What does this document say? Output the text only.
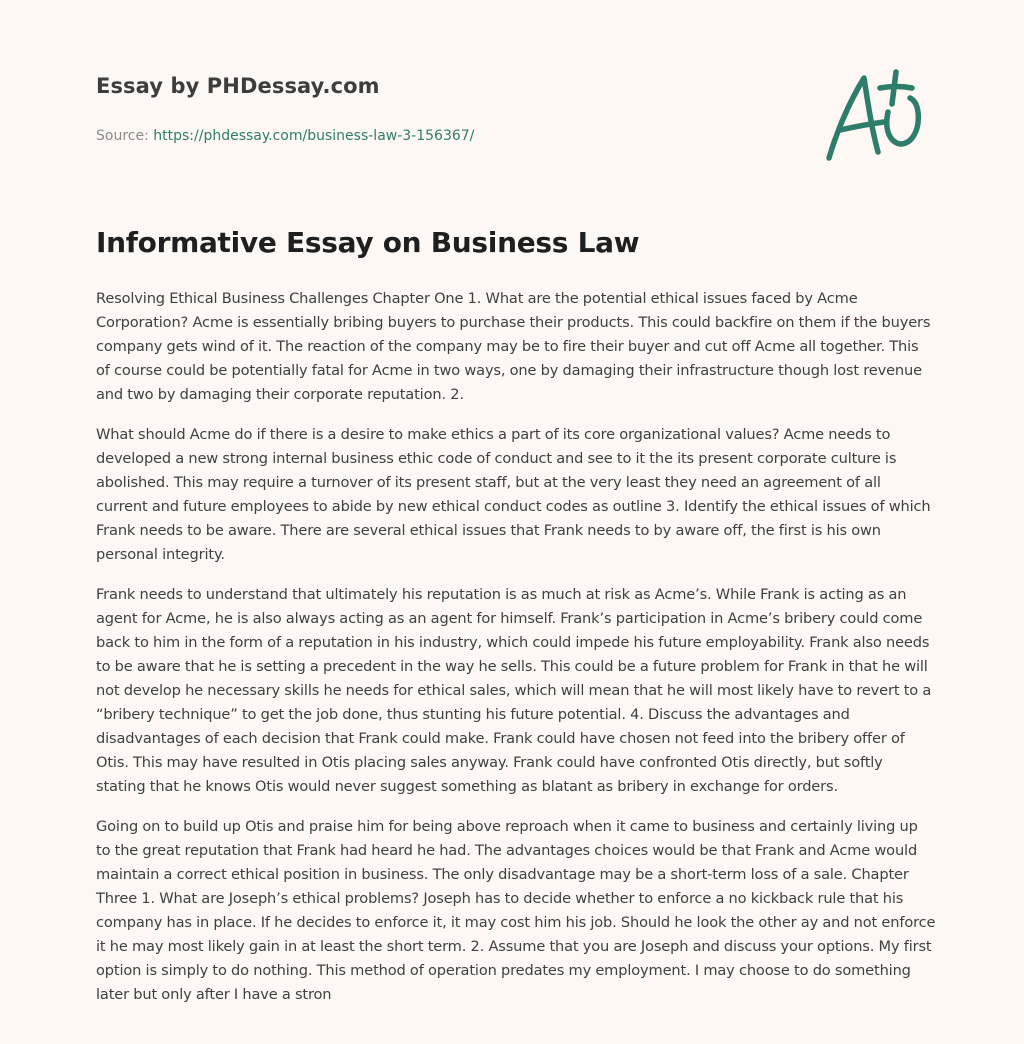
Essay by PHDessay.com
Source: https://phdessay.com/business-law-3-156367/
Informative Essay on Business Law

Resolving Ethical Business Challenges Chapter One 1. What are the potential ethical issues faced by Acme Corporation? Acme is essentially bribing buyers to purchase their products. This could backfire on them if the buyers company gets wind of it. The reaction of the company may be to fire their buyer and cut off Acme all together. This of course could be potentially fatal for Acme in two ways, one by damaging their infrastructure though lost revenue and two by damaging their corporate reputation. 2.

What should Acme do if there is a desire to make ethics a part of its core organizational values? Acme needs to developed a new strong internal business ethic code of conduct and see to it the its present corporate culture is abolished. This may require a turnover of its present staff, but at the very least they need an agreement of all current and future employees to abide by new ethical conduct codes as outline 3. Identify the ethical issues of which Frank needs to be aware. There are several ethical issues that Frank needs to by aware off, the first is his own personal integrity.

Frank needs to understand that ultimately his reputation is as much at risk as Acme’s. While Frank is acting as an agent for Acme, he is also always acting as an agent for himself. Frank’s participation in Acme’s bribery could come back to him in the form of a reputation in his industry, which could impede his future employability. Frank also needs to be aware that he is setting a precedent in the way he sells. This could be a future problem for Frank in that he will not develop he necessary skills he needs for ethical sales, which will mean that he will most likely have to revert to a “bribery technique” to get the job done, thus stunting his future potential. 4. Discuss the advantages and disadvantages of each decision that Frank could make. Frank could have chosen not feed into the bribery offer of Otis. This may have resulted in Otis placing sales anyway. Frank could have confronted Otis directly, but softly stating that he knows Otis would never suggest something as blatant as bribery in exchange for orders.

Going on to build up Otis and praise him for being above reproach when it came to business and certainly living up to the great reputation that Frank had heard he had. The advantages choices would be that Frank and Acme would maintain a correct ethical position in business. The only disadvantage may be a short-term loss of a sale. Chapter Three 1. What are Joseph’s ethical problems? Joseph has to decide whether to enforce a no kickback rule that his company has in place. If he decides to enforce it, it may cost him his job. Should he look the other ay and not enforce it he may most likely gain in at least the short term. 2. Assume that you are Joseph and discuss your options. My first option is simply to do nothing. This method of operation predates my employment. I may choose to do something later but only after I have a stron
